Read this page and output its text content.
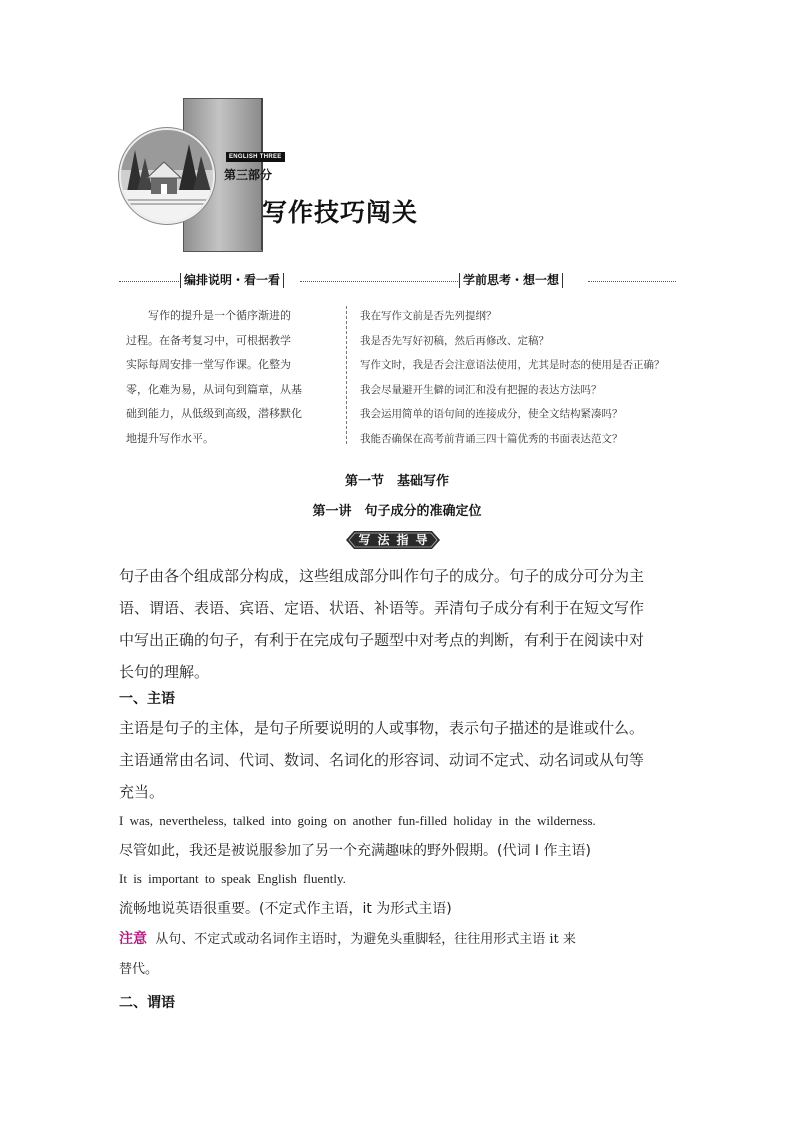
ENGLISH THREE
第三部分
写作技巧闯关
编排说明・看一看	学前思考・想一想
写作的提升是一个循序渐进的
过程。在备考复习中，可根据教学
实际每周安排一堂写作课。化整为
零，化难为易，从词句到篇章，从基
础到能力，从低级到高级，潜移默化
地提升写作水平。
我在写作文前是否先列提纲？
我是否先写好初稿，然后再修改、定稿？
写作文时，我是否会注意语法使用，尤其是时态的使用是否正确？
我会尽量避开生僻的词汇和没有把握的表达方法吗？
我会运用简单的语句间的连接成分，使全文结构紧凑吗？
我能否确保在高考前背诵三四十篇优秀的书面表达范文？
第一节　基础写作
第一讲　句子成分的准确定位
写法指导
句子由各个组成部分构成，这些组成部分叫作句子的成分。句子的成分可分为主
语、谓语、表语、宾语、定语、状语、补语等。弄清句子成分有利于在短文写作
中写出正确的句子，有利于在完成句子题型中对考点的判断，有利于在阅读中对
长句的理解。
一、主语
主语是句子的主体，是句子所要说明的人或事物，表示句子描述的是谁或什么。
主语通常由名词、代词、数词、名词化的形容词、动词不定式、动名词或从句等
充当。
I was, nevertheless, talked into going on another fun-filled holiday in the wilderness.
尽管如此，我还是被说服参加了另一个充满趣味的野外假期。(代词 I 作主语)
It is important to speak English fluently.
流畅地说英语很重要。(不定式作主语，it 为形式主语)
注意 从句、不定式或动名词作主语时，为避免头重脚轻，往往用形式主语 it 来
替代。
二、谓语
